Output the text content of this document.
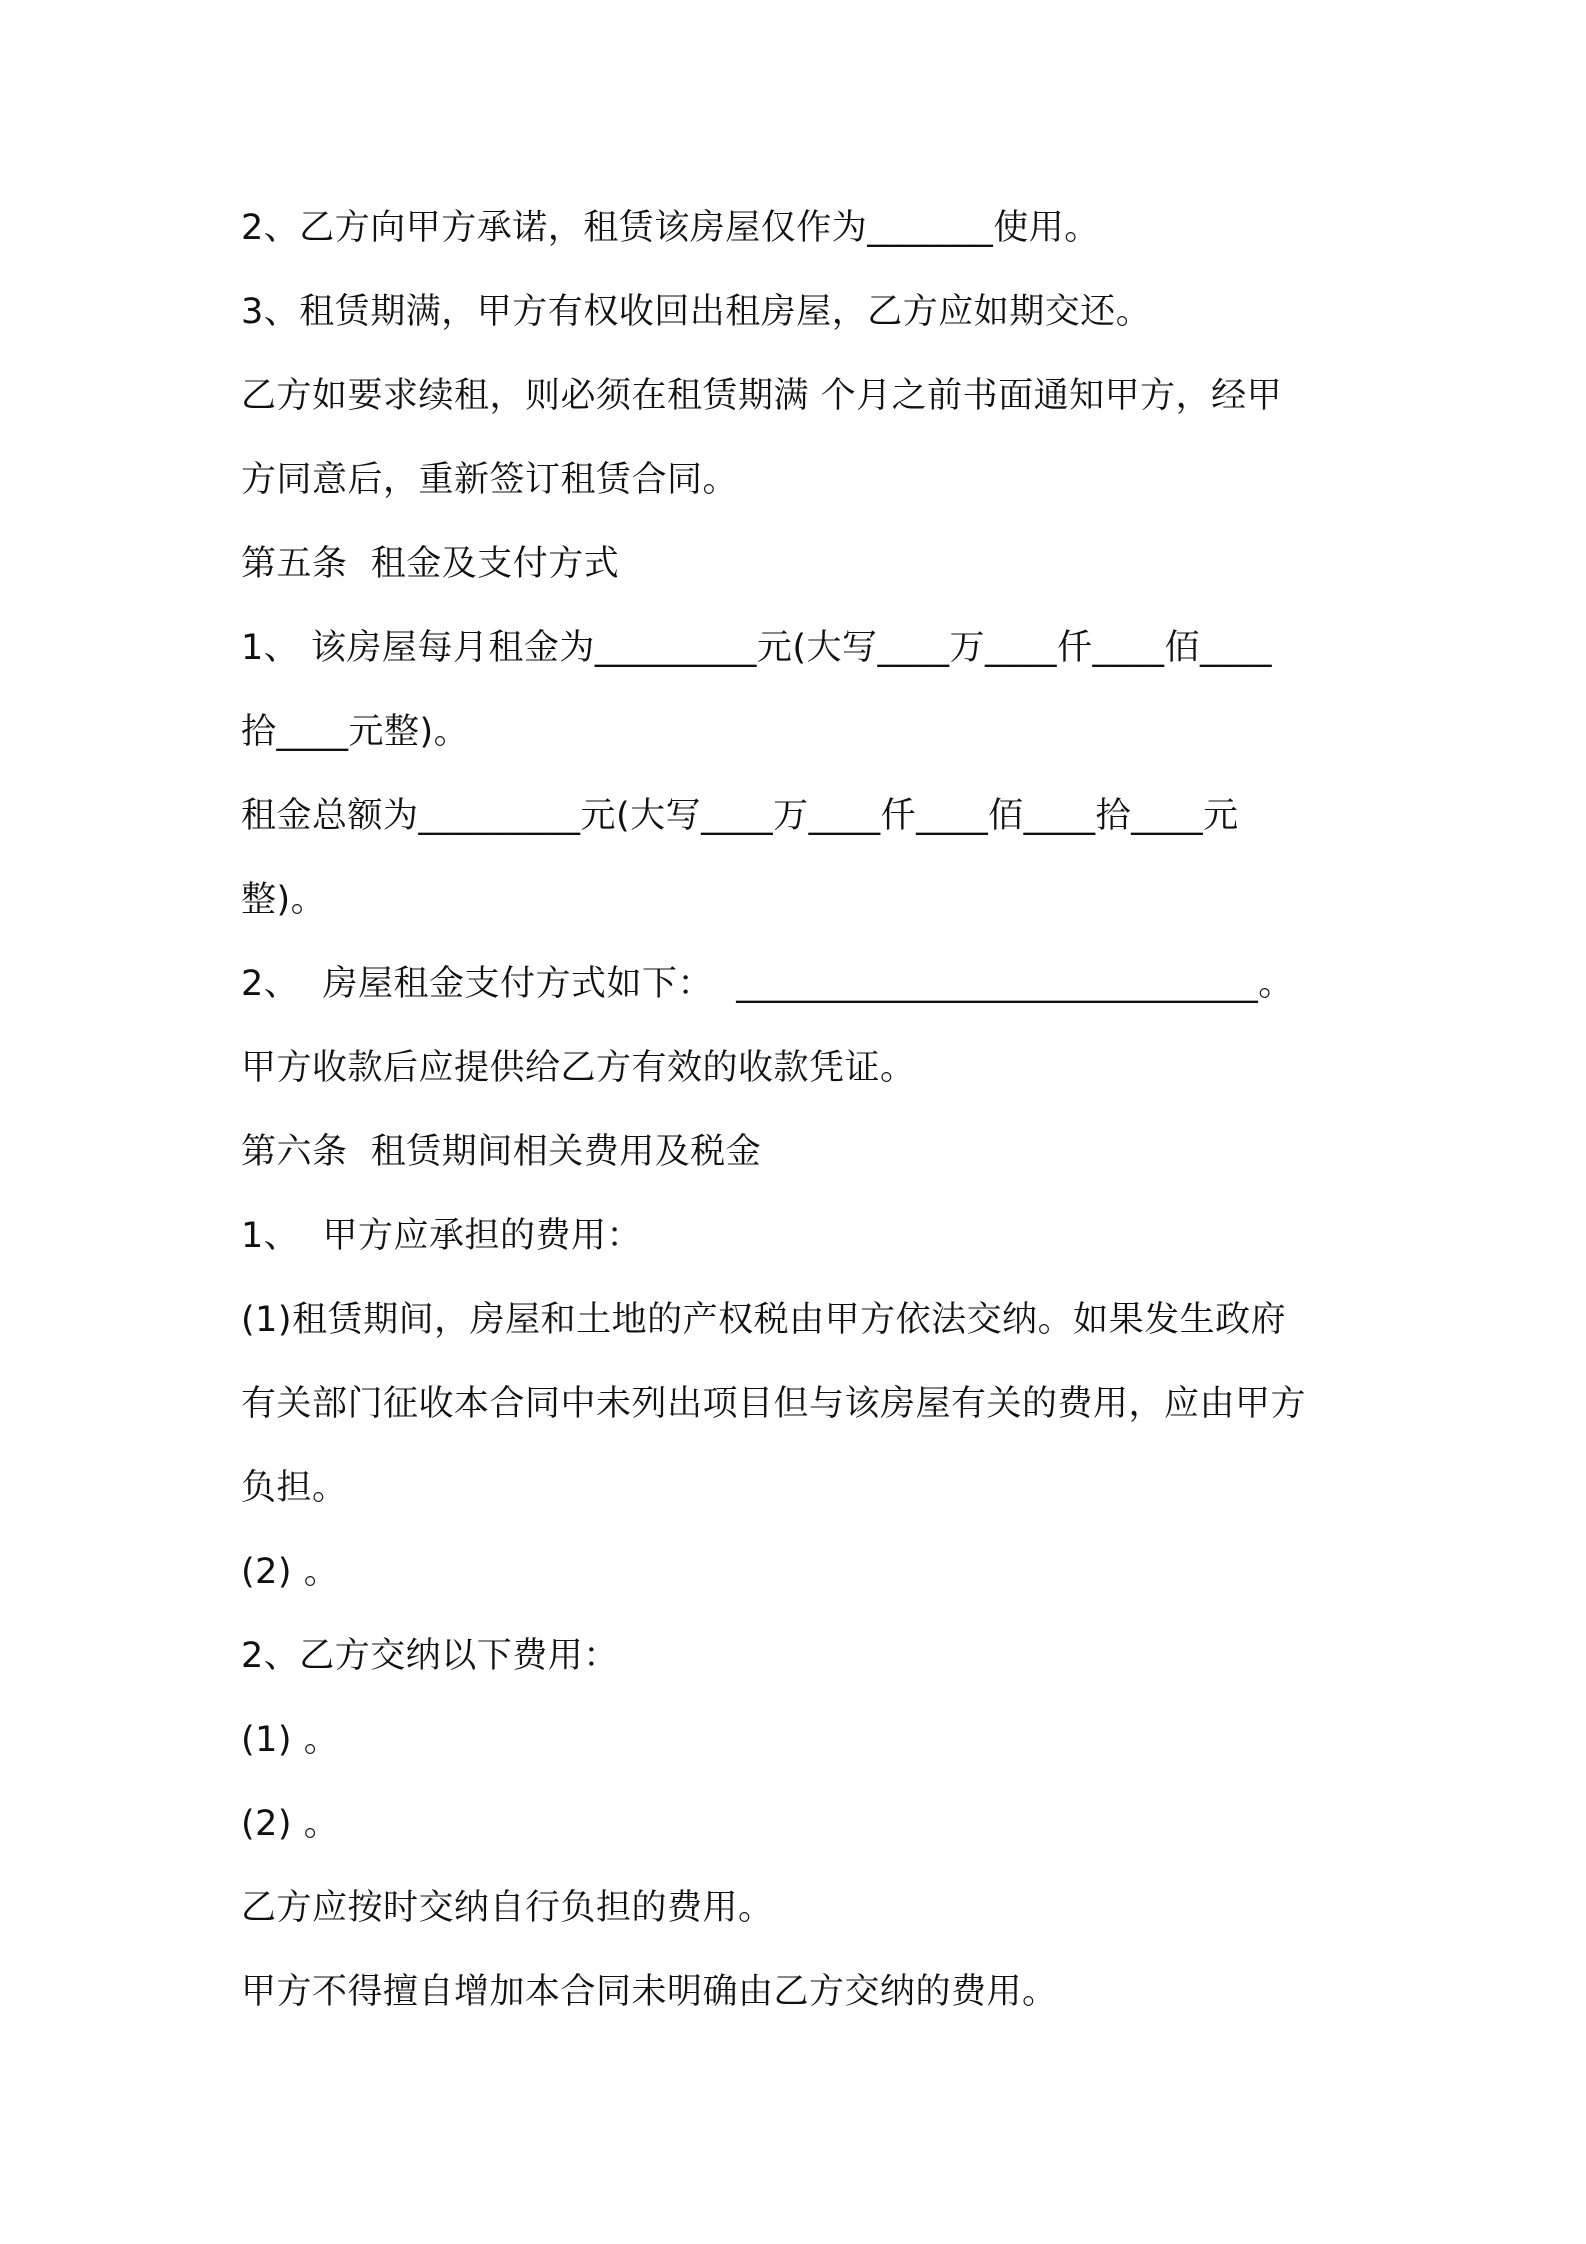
2、乙方向甲方承诺，租赁该房屋仅作为_______使用。
3、租赁期满，甲方有权收回出租房屋，乙方应如期交还。
乙方如要求续租，则必须在租赁期满 个月之前书面通知甲方，经甲
方同意后，重新签订租赁合同。
第五条  租金及支付方式
1、 该房屋每月租金为_________元(大写____万____仟____佰____
拾____元整)。
租金总额为_________元(大写____万____仟____佰____拾____元
整)。
2、  房屋租金支付方式如下：  _____________________________。
甲方收款后应提供给乙方有效的收款凭证。
第六条  租赁期间相关费用及税金
1、  甲方应承担的费用：
(1)租赁期间，房屋和土地的产权税由甲方依法交纳。如果发生政府
有关部门征收本合同中未列出项目但与该房屋有关的费用，应由甲方
负担。
(2) 。
2、乙方交纳以下费用：
(1) 。
(2) 。
乙方应按时交纳自行负担的费用。
甲方不得擅自增加本合同未明确由乙方交纳的费用。
